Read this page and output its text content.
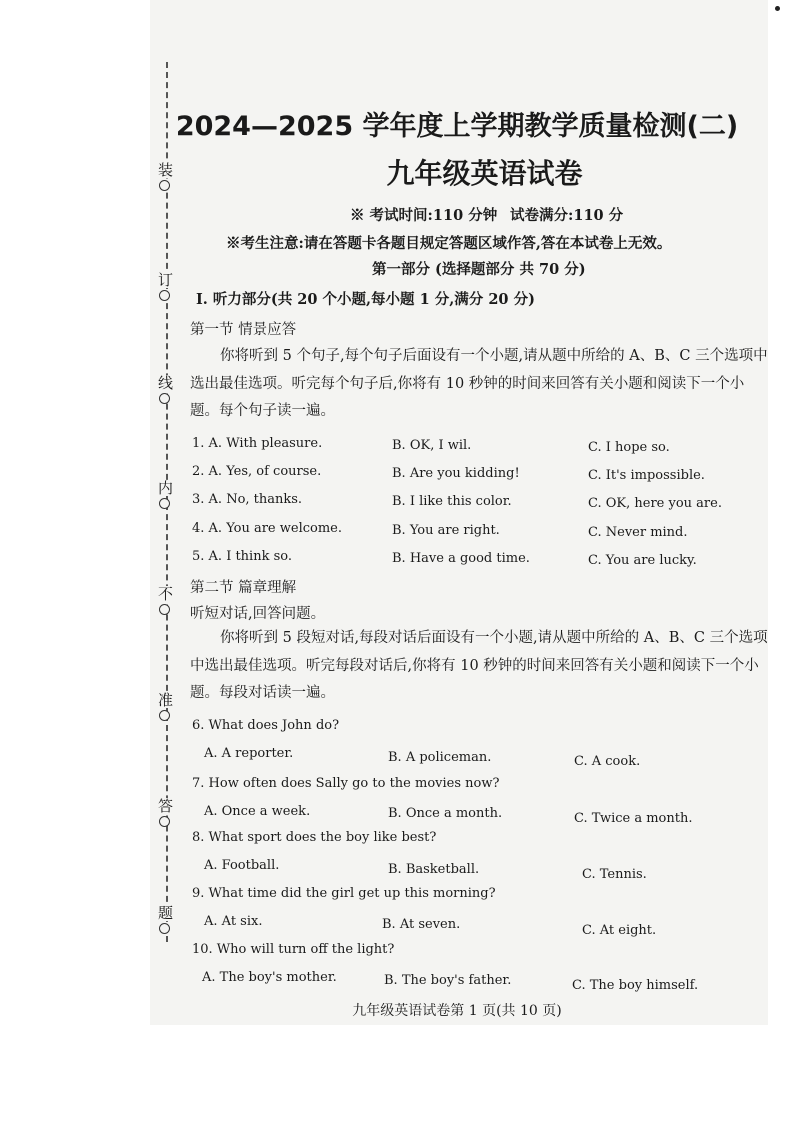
装
订
线
内
不
准
答
题
2024—2025 学年度上学期教学质量检测(二)
九年级英语试卷
※ 考试时间:110 分钟 试卷满分:110 分
※考生注意:请在答题卡各题目规定答题区域作答,答在本试卷上无效。
第一部分 (选择题部分 共 70 分)
Ⅰ. 听力部分(共 20 个小题,每小题 1 分,满分 20 分)
第一节 情景应答
你将听到 5 个句子,每个句子后面设有一个小题,请从题中所给的 A、B、C 三个选项中
选出最佳选项。听完每个句子后,你将有 10 秒钟的时间来回答有关小题和阅读下一个小
题。每个句子读一遍。
1. A. With pleasure.	B. OK, I wil.	C. I hope so.
2. A. Yes, of course.	B. Are you kidding!	C. It's impossible.
3. A. No, thanks.	B. I like this color.	C. OK, here you are.
4. A. You are welcome.	B. You are right.	C. Never mind.
5. A. I think so.	B. Have a good time.	C. You are lucky.
第二节 篇章理解
听短对话,回答问题。
你将听到 5 段短对话,每段对话后面设有一个小题,请从题中所给的 A、B、C 三个选项
中选出最佳选项。听完每段对话后,你将有 10 秒钟的时间来回答有关小题和阅读下一个小
题。每段对话读一遍。
6. What does John do?
A. A reporter.	B. A policeman.	C. A cook.
7. How often does Sally go to the movies now?
A. Once a week.	B. Once a month.	C. Twice a month.
8. What sport does the boy like best?
A. Football.	B. Basketball.	C. Tennis.
9. What time did the girl get up this morning?
A. At six.	B. At seven.	C. At eight.
10. Who will turn off the light?
A. The boy's mother.	B. The boy's father.	C. The boy himself.
九年级英语试卷第 1 页(共 10 页)
